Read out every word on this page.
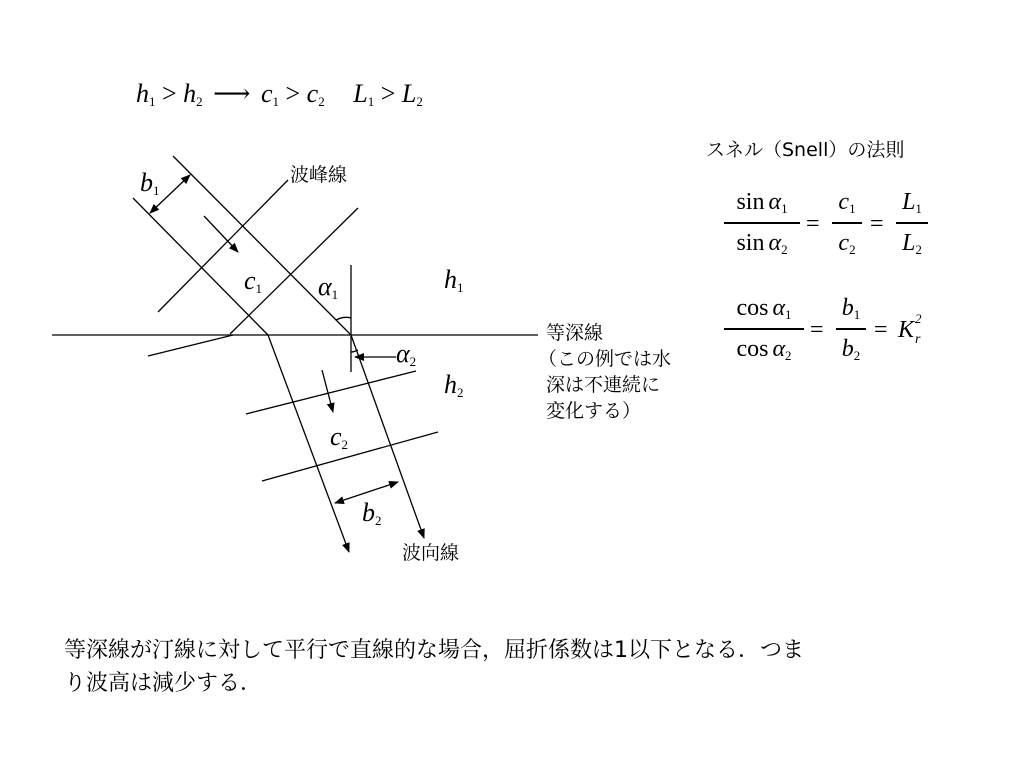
h1 > h2 ⟶ c1 > c2 L1 > L2
スネル（Snell）の法則
sin α1
sin α2
=
c1
c2
=
L1
L2
cos α1
cos α2
=
b1
b2
= K 2
r
b1
波峰線
c1 α1
h1
等深線
（この例では水
深は不連続に
変化する）
α2
h2
c2
b2
波向線
等深線が汀線に対して平行で直線的な場合，屈折係数は1以下となる．つま
り波高は減少する．
